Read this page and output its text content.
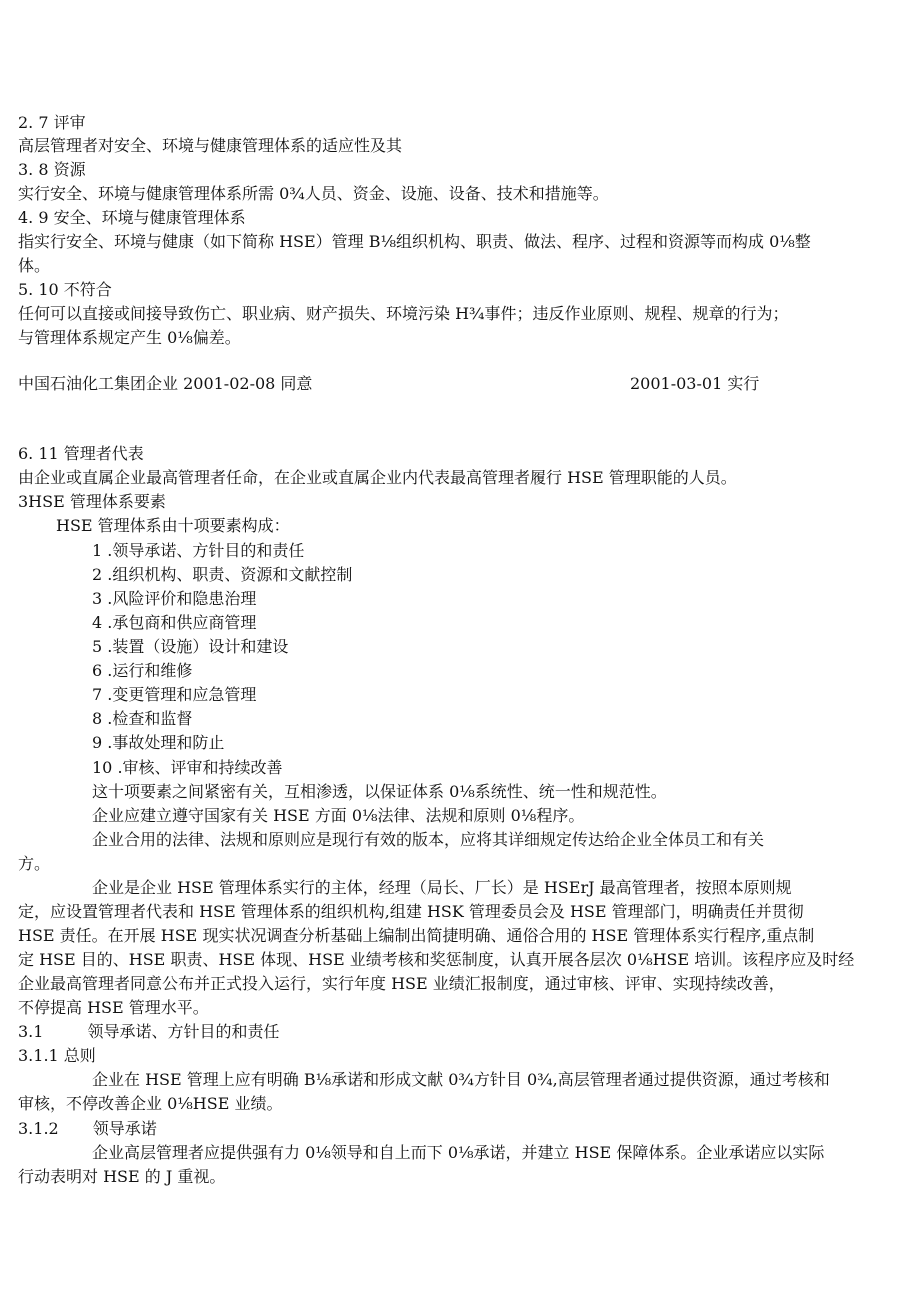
2. 7 评审
高层管理者对安全、环境与健康管理体系的适应性及其
3. 8 资源
实行安全、环境与健康管理体系所需 0¾人员、资金、设施、设备、技术和措施等。
4. 9 安全、环境与健康管理体系
指实行安全、环境与健康（如下简称 HSE）管理 B⅛组织机构、职责、做法、程序、过程和资源等而构成 0⅛整
体。
5. 10 不符合
任何可以直接或间接导致伤亡、职业病、财产损失、环境污染 H¾事件；违反作业原则、规程、规章的行为；
与管理体系规定产生 0⅛偏差。
中国石油化工集团企业 2001-02-08 同意	2001-03-01 实行
6. 11 管理者代表
由企业或直属企业最高管理者任命，在企业或直属企业内代表最高管理者履行 HSE 管理职能的人员。
3HSE 管理体系要素
HSE 管理体系由十项要素构成：
1 .领导承诺、方针目的和责任
2 .组织机构、职责、资源和文献控制
3 .风险评价和隐患治理
4 .承包商和供应商管理
5 .装置（设施）设计和建设
6 .运行和维修
7 .变更管理和应急管理
8 .检查和监督
9 .事故处理和防止
10 .审核、评审和持续改善
这十项要素之间紧密有关，互相渗透，以保证体系 0⅛系统性、统一性和规范性。
企业应建立遵守国家有关 HSE 方面 0⅛法律、法规和原则 0⅛程序。
企业合用的法律、法规和原则应是现行有效的版本，应将其详细规定传达给企业全体员工和有关
方。
企业是企业 HSE 管理体系实行的主体，经理（局长、厂长）是 HSErJ 最高管理者，按照本原则规
定，应设置管理者代表和 HSE 管理体系的组织机构,组建 HSK 管理委员会及 HSE 管理部门，明确责任并贯彻
HSE 责任。在开展 HSE 现实状况调查分析基础上编制出简捷明确、通俗合用的 HSE 管理体系实行程序,重点制
定 HSE 目的、HSE 职责、HSE 体现、HSE 业绩考核和奖惩制度，认真开展各层次 0⅛HSE 培训。该程序应及时经
企业最高管理者同意公布并正式投入运行，实行年度 HSE 业绩汇报制度，通过审核、评审、实现持续改善，
不停提高 HSE 管理水平。
3.1	领导承诺、方针目的和责任
3.1.1 总则
企业在 HSE 管理上应有明确 B⅛承诺和形成文献 0¾方针目 0¾,高层管理者通过提供资源，通过考核和
审核，不停改善企业 0⅛HSE 业绩。
3.1.2 领导承诺
企业高层管理者应提供强有力 0⅛领导和自上而下 0⅛承诺，并建立 HSE 保障体系。企业承诺应以实际
行动表明对 HSE 的 J 重视。
